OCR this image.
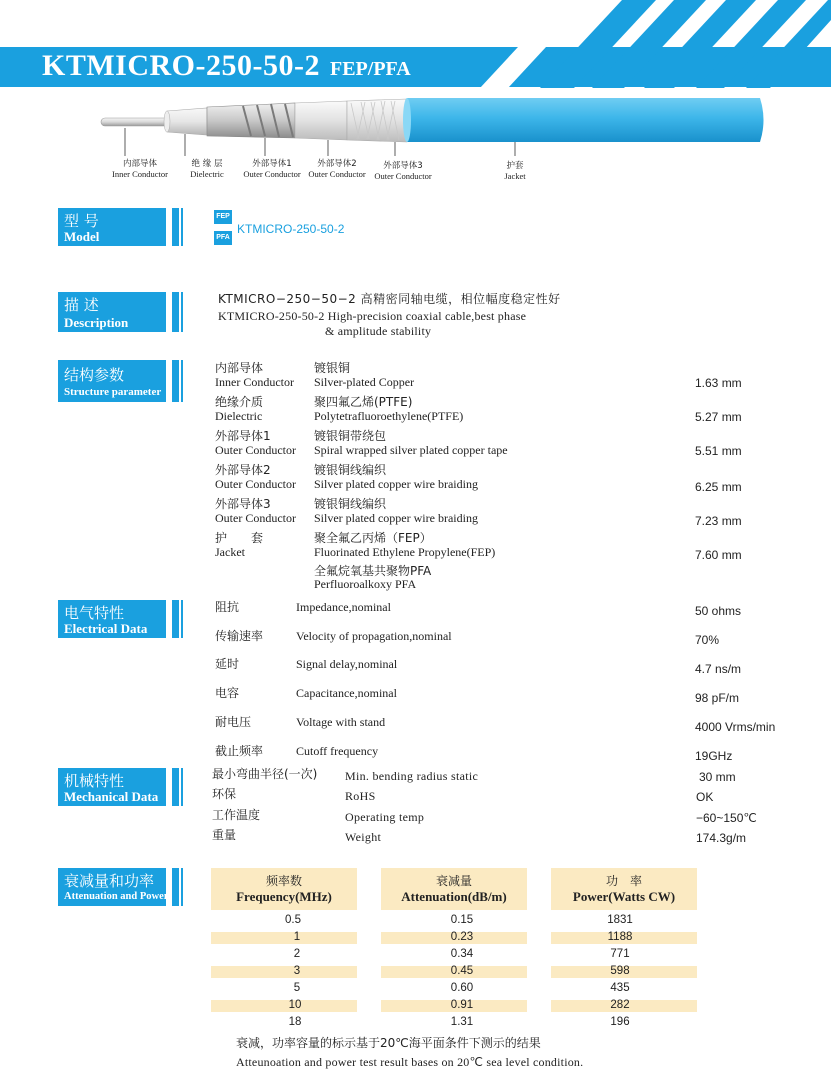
KTMICRO-250-50-2 FEP/PFA
内部导体
Inner Conductor
绝 缘 层
Dielectric
外部导体1
Outer Conductor
外部导体2
Outer Conductor
外部导体3
Outer Conductor
护套
Jacket
型 号
Model
FEP
PFA
KTMICRO-250-50-2
描 述
Description
KTMICRO−250−50−2 高精密同轴电缆，相位幅度稳定性好
KTMICRO-250-50-2 High-precision coaxial cable,best phase
& amplitude stability
结构参数
Structure parameter
内部导体
Inner Conductor
镀银铜
Silver-plated Copper	1.63 mm
绝缘介质
Dielectric
聚四氟乙烯(PTFE)
Polytetrafluoroethylene(PTFE)	5.27 mm
外部导体1
Outer Conductor
镀银铜带绕包
Spiral wrapped silver plated copper tape	5.51 mm
外部导体2
Outer Conductor
镀银铜线编织
Silver plated copper wire braiding	6.25 mm
外部导体3
Outer Conductor
镀银铜线编织
Silver plated copper wire braiding	7.23 mm
护　　套
Jacket
聚全氟乙丙烯（FEP）
Fluorinated Ethylene Propylene(FEP)	7.60 mm
全氟烷氧基共聚物PFA
Perfluoroalkoxy PFA
电气特性
Electrical Data
阻抗	Impedance,nominal	50 ohms
传输速率	Velocity of propagation,nominal	70%
延时	Signal delay,nominal	4.7 ns/m
电容	Capacitance,nominal	98 pF/m
耐电压	Voltage with stand	4000 Vrms/min
截止频率	Cutoff frequency	19GHz
机械特性
Mechanical Data
最小弯曲半径(一次) Min. bending radius static	30 mm
环保	RoHS	OK
工作温度	Operating temp	−60~150℃
重量	Weight	174.3g/m
衰减量和功率
Attenuation and Power
频率数
Frequency(MHz)
衰减量
Attenuation(dB/m)
功　率
Power(Watts CW)
0.5	0.15	1831
1	0.23	1188
2	0.34	771
3	0.45	598
5	0.60	435
10	0.91	282
18	1.31	196
衰减，功率容量的标示基于20℃海平面条件下测示的结果
Atteunoation and power test result bases on 20℃ sea level condition.
